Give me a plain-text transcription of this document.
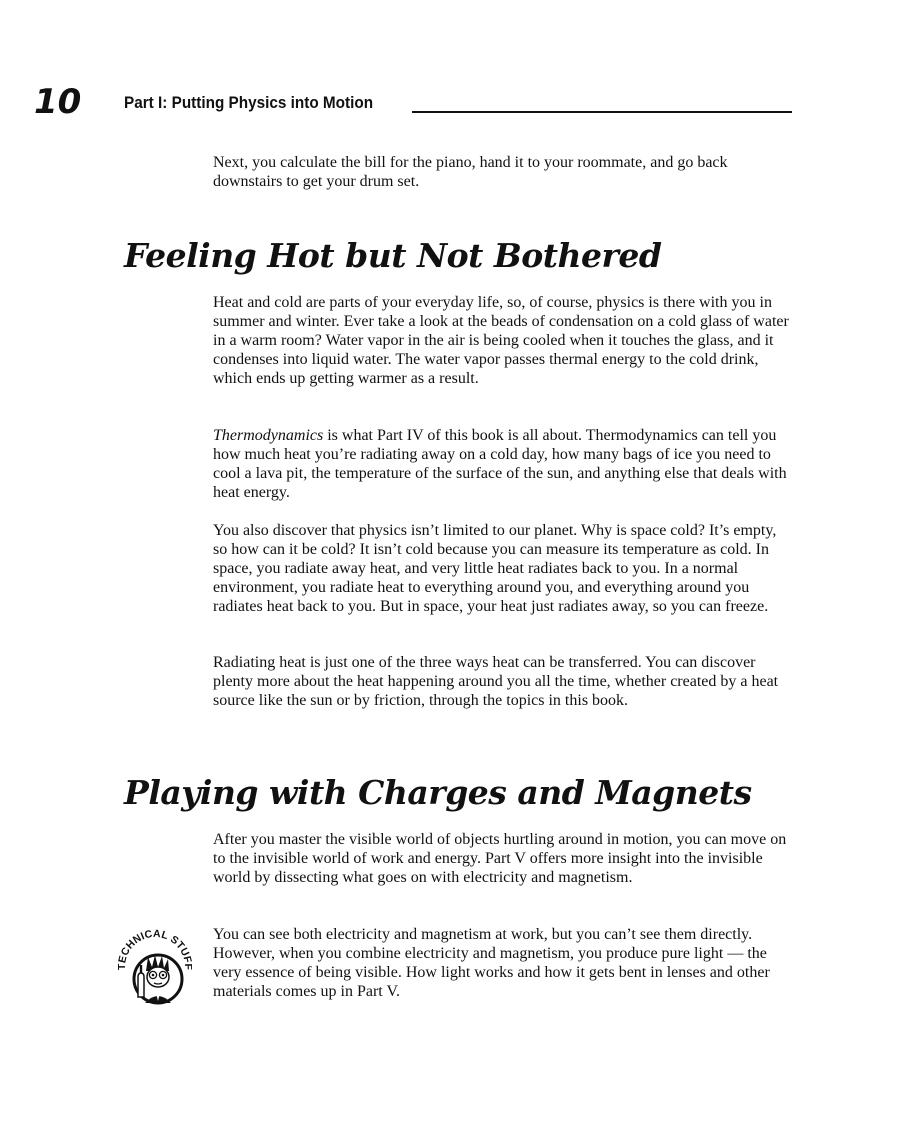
10	Part I: Putting Physics into Motion

Next, you calculate the bill for the piano, hand it to your roommate, and go back downstairs to get your drum set.

Feeling Hot but Not Bothered

Heat and cold are parts of your everyday life, so, of course, physics is there with you in summer and winter. Ever take a look at the beads of condensation on a cold glass of water in a warm room? Water vapor in the air is being cooled when it touches the glass, and it condenses into liquid water. The water vapor passes thermal energy to the cold drink, which ends up getting warmer as a result.

Thermodynamics is what Part IV of this book is all about. Thermodynamics can tell you how much heat you’re radiating away on a cold day, how many bags of ice you need to cool a lava pit, the temperature of the surface of the sun, and anything else that deals with heat energy.

You also discover that physics isn’t limited to our planet. Why is space cold? It’s empty, so how can it be cold? It isn’t cold because you can measure its temperature as cold. In space, you radiate away heat, and very little heat radiates back to you. In a normal environment, you radiate heat to everything around you, and everything around you radiates heat back to you. But in space, your heat just radiates away, so you can freeze.

Radiating heat is just one of the three ways heat can be transferred. You can discover plenty more about the heat happening around you all the time, whether created by a heat source like the sun or by friction, through the topics in this book.

Playing with Charges and Magnets

After you master the visible world of objects hurtling around in motion, you can move on to the invisible world of work and energy. Part V offers more insight into the invisible world by dissecting what goes on with electricity and magnetism.

CHNICAL STU

You can see both electricity and magnetism at work, but you can’t see them directly. However, when you combine electricity and magnetism, you produce pure light — the very essence of being visible. How light works and how it gets bent in lenses and other materials comes up in Part V.
